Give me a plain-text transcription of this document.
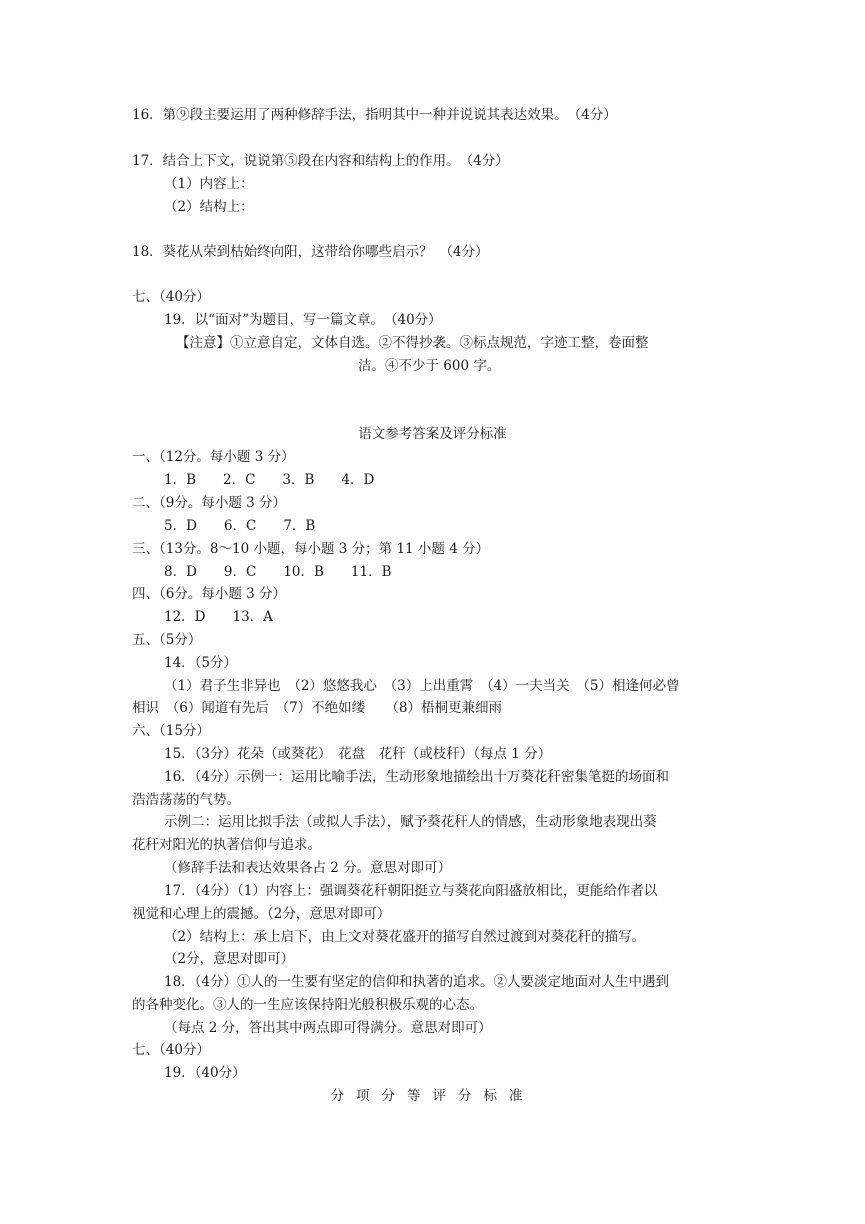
16．第⑨段主要运用了两种修辞手法，指明其中一种并说说其表达效果。　（4分）
17．结合上下文，说说第⑤段在内容和结构上的作用。　（4分）
（1）内容上：
（2）结构上：
18．葵花从荣到枯始终向阳，这带给你哪些启示？　（4分）
七、（40分）
19．以“面对”为题目，写一篇文章。　（40分）
【注意】①立意自定，文体自选。②不得抄袭。③标点规范，字迹工整，卷面整
洁。④不少于 600 字。
语文参考答案及评分标准
一、（12分。每小题 3 分）
1．B　　2．C　　3．B　　4．D
二、（9分。每小题 3 分）
5．D　　6．C　　7．B
三、（13分。8～10 小题，每小题 3 分；第 11 小题 4 分）
8．D　　9．C　　10．B　　11．B
四、（6分。每小题 3 分）
12．D　　13．A
五、（5分）
14．（5分）
（1）君子生非异也　（2）悠悠我心　（3）上出重霄　（4）一夫当关　（5）相逢何必曾
相识　（6）闻道有先后　（7）不绝如缕　　（8）梧桐更兼细雨
六、（15分）
15．（3分）花朵（或葵花）　花盘　花秆（或枝秆）（每点 1 分）
16．（4分）示例一：运用比喻手法，生动形象地描绘出十万葵花秆密集笔挺的场面和
浩浩荡荡的气势。
示例二：运用比拟手法（或拟人手法），赋予葵花秆人的情感，生动形象地表现出葵
花秆对阳光的执著信仰与追求。
（修辞手法和表达效果各占 2 分。意思对即可）
17．（4分）（1）内容上：强调葵花秆朝阳挺立与葵花向阳盛放相比，更能给作者以
视觉和心理上的震撼。（2分，意思对即可）
（2）结构上：承上启下，由上文对葵花盛开的描写自然过渡到对葵花秆的描写。
（2分，意思对即可）
18．（4分）①人的一生要有坚定的信仰和执著的追求。②人要淡定地面对人生中遇到
的各种变化。③人的一生应该保持阳光般积极乐观的心态。
（每点 2 分，答出其中两点即可得满分。意思对即可）
七、（40分）
19．（40分）
分项分等评分标准
